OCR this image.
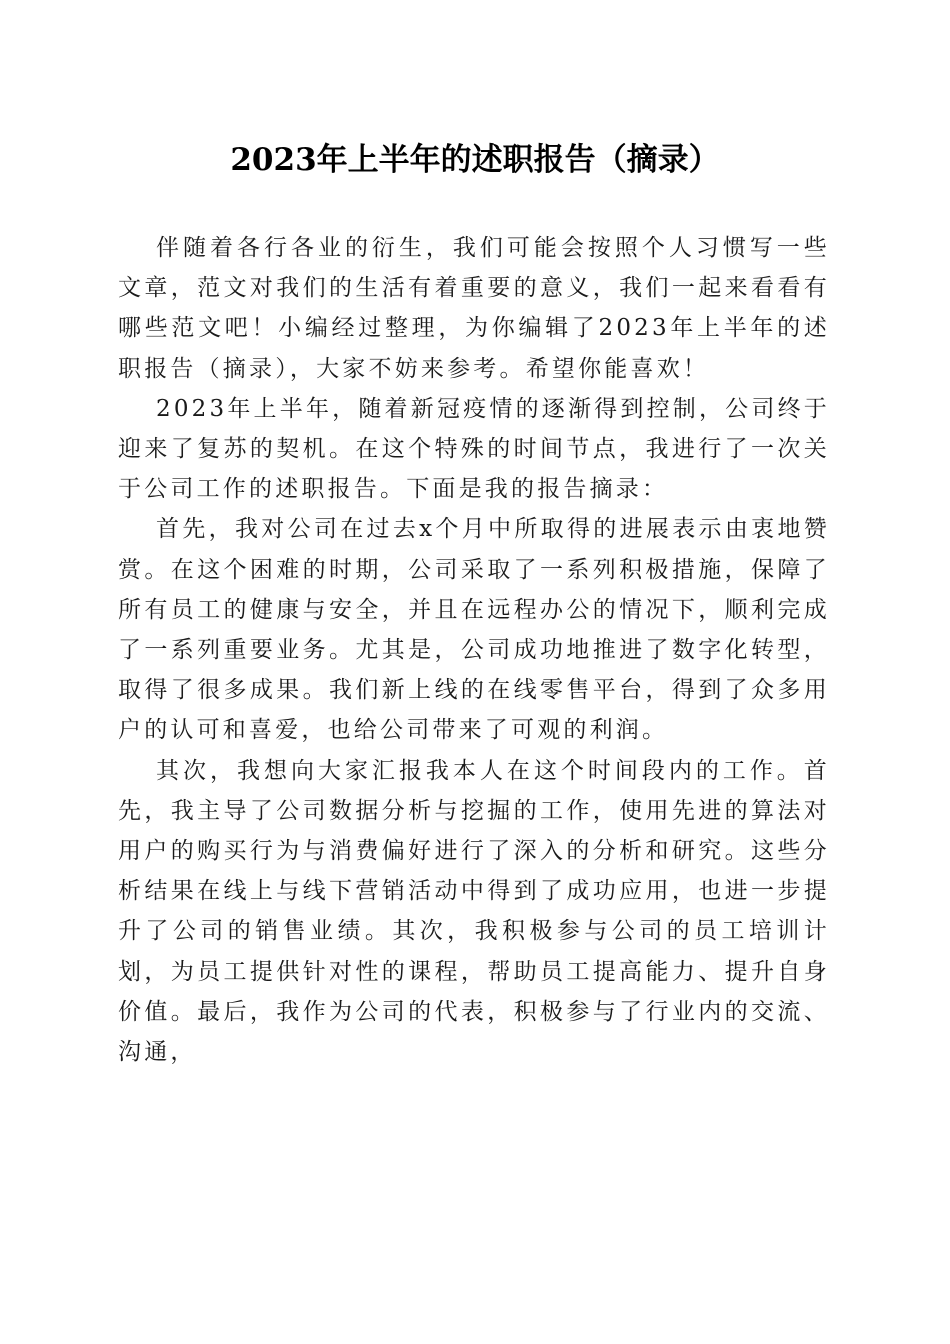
2023年上半年的述职报告（摘录）

伴随着各行各业的衍生，我们可能会按照个人习惯写一些文章，范文对我们的生活有着重要的意义，我们一起来看看有哪些范文吧！小编经过整理，为你编辑了2023年上半年的述职报告（摘录），大家不妨来参考。希望你能喜欢！

2023年上半年，随着新冠疫情的逐渐得到控制，公司终于迎来了复苏的契机。在这个特殊的时间节点，我进行了一次关于公司工作的述职报告。下面是我的报告摘录：

首先，我对公司在过去x个月中所取得的进展表示由衷地赞赏。在这个困难的时期，公司采取了一系列积极措施，保障了所有员工的健康与安全，并且在远程办公的情况下，顺利完成了一系列重要业务。尤其是，公司成功地推进了数字化转型，取得了很多成果。我们新上线的在线零售平台，得到了众多用户的认可和喜爱，也给公司带来了可观的利润。

其次，我想向大家汇报我本人在这个时间段内的工作。首先，我主导了公司数据分析与挖掘的工作，使用先进的算法对用户的购买行为与消费偏好进行了深入的分析和研究。这些分析结果在线上与线下营销活动中得到了成功应用，也进一步提升了公司的销售业绩。其次，我积极参与公司的员工培训计划，为员工提供针对性的课程，帮助员工提高能力、提升自身价值。最后，我作为公司的代表，积极参与了行业内的交流、沟通，
